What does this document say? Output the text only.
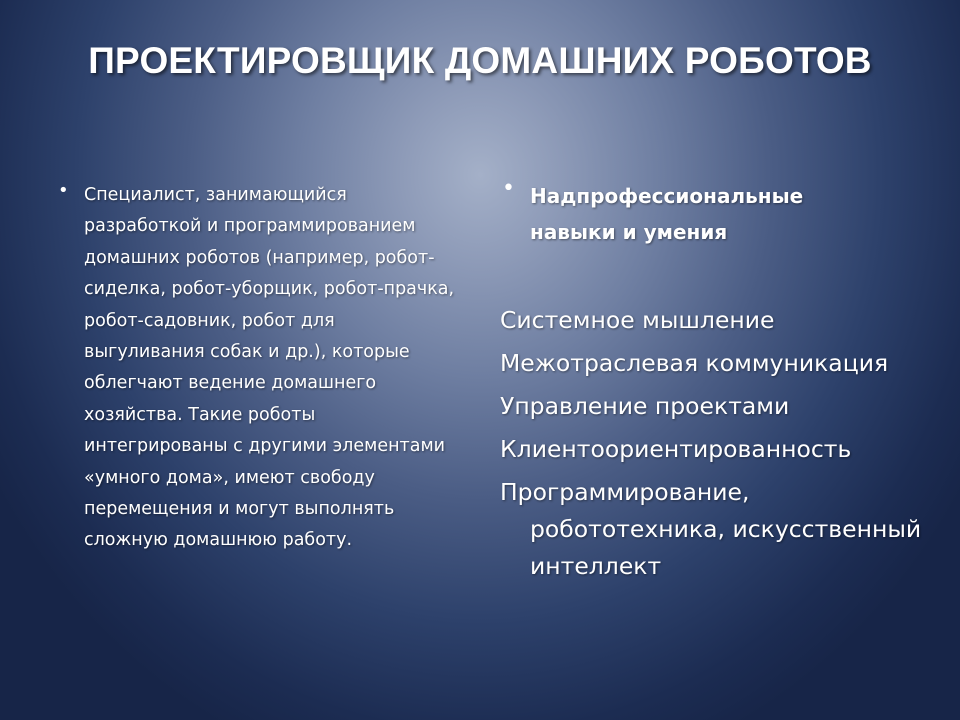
ПРОЕКТИРОВЩИК ДОМАШНИХ РОБОТОВ
• Специалист, занимающийся разработкой и программированием домашних роботов (например, робот-сиделка, робот-уборщик, робот-прачка, робот-садовник, робот для выгуливания собак и др.), которые облегчают ведение домашнего хозяйства. Такие роботы интегрированы с другими элементами «умного дома», имеют свободу перемещения и могут выполнять сложную домашнюю работу.
• Надпрофессиональные навыки и умения
Системное мышление
Межотраслевая коммуникация
Управление проектами
Клиентоориентированность
Программирование, робототехника, искусственный интеллект
